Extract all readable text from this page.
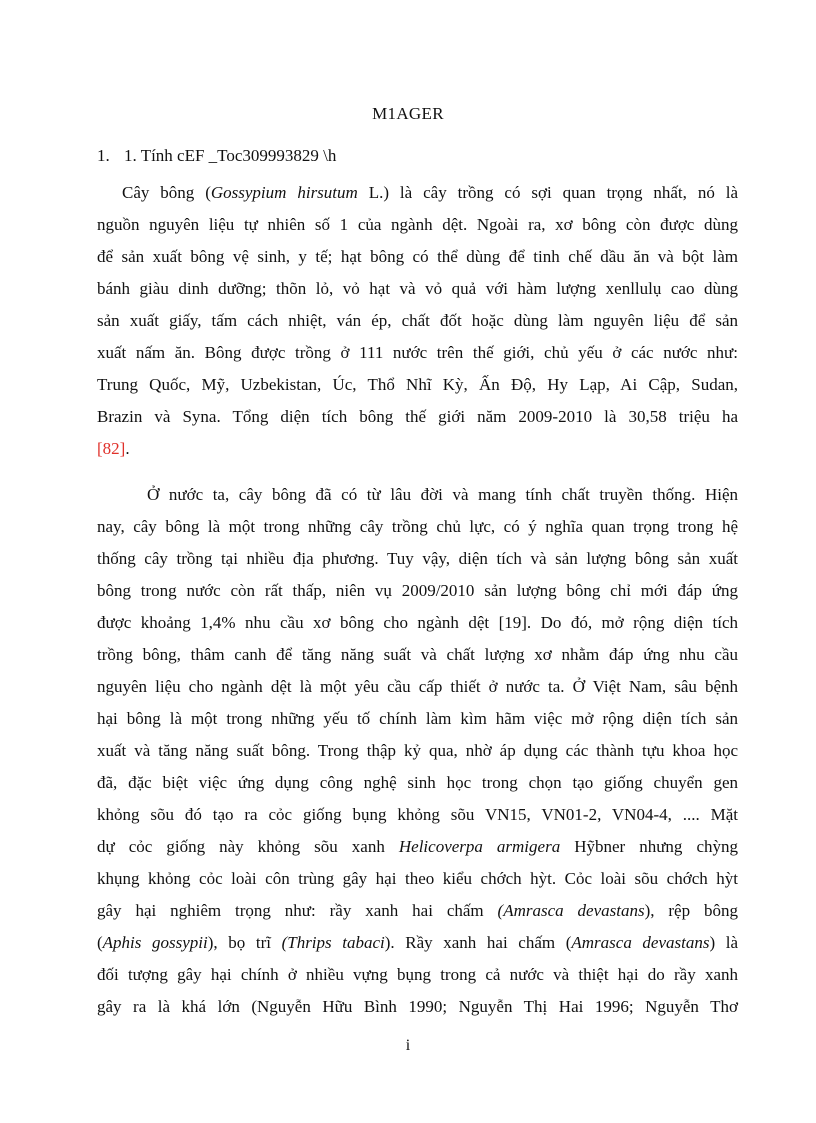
M1AGER
1. 1. Tính cEF _Toc309993829 \h
Cây bông (Gossypium hirsutum L.) là cây trồng có sợi quan trọng nhất, nó là
nguồn nguyên liệu tự nhiên số 1 của ngành dệt. Ngoài ra, xơ bông còn được dùng
để sản xuất bông vệ sinh, y tế; hạt bông có thể dùng để tinh chế dầu ăn và bột làm
bánh giàu dinh dưỡng; thõn lỏ, vỏ hạt và vỏ quả với hàm lượng xenllulụ cao dùng
sản xuất giấy, tấm cách nhiệt, ván ép, chất đốt hoặc dùng làm nguyên liệu để sản
xuất nấm ăn. Bông được trồng ở 111 nước trên thế giới, chủ yếu ở các nước như:
Trung Quốc, Mỹ, Uzbekistan, Úc, Thổ Nhĩ Kỳ, Ấn Độ, Hy Lạp, Ai Cập, Sudan,
Brazin và Syna. Tổng diện tích bông thế giới năm 2009-2010 là 30,58 triệu ha
[82].
Ở nước ta, cây bông đã có từ lâu đời và mang tính chất truyền thống. Hiện
nay, cây bông là một trong những cây trồng chủ lực, có ý nghĩa quan trọng trong hệ
thống cây trồng tại nhiều địa phương. Tuy vậy, diện tích và sản lượng bông sản xuất
bông trong nước còn rất thấp, niên vụ 2009/2010 sản lượng bông chỉ mới đáp ứng
được khoảng 1,4% nhu cầu xơ bông cho ngành dệt [19]. Do đó, mở rộng diện tích
trồng bông, thâm canh để tăng năng suất và chất lượng xơ nhằm đáp ứng nhu cầu
nguyên liệu cho ngành dệt là một yêu cầu cấp thiết ở nước ta. Ở Việt Nam, sâu bệnh
hại bông là một trong những yếu tố chính làm kìm hãm việc mở rộng diện tích sản
xuất và tăng năng suất bông. Trong thập kỷ qua, nhờ áp dụng các thành tựu khoa học
đã, đặc biệt việc ứng dụng công nghệ sinh học trong chọn tạo giống chuyển gen
khỏng sõu đó tạo ra cỏc giống bụng khỏng sõu VN15, VN01-2, VN04-4, .... Mặt
dự cỏc giống này khỏng sõu xanh Helicoverpa armigera Hỹbner nhưng chỳng
khụng khỏng cỏc loài côn trùng gây hại theo kiểu chớch hỳt. Cỏc loài sõu chớch hỳt
gây hại nghiêm trọng như: rầy xanh hai chấm (Amrasca devastans), rệp bông
(Aphis gossypii), bọ trĩ (Thrips tabaci). Rầy xanh hai chấm (Amrasca devastans) là
đối tượng gây hại chính ở nhiều vựng bụng trong cả nước và thiệt hại do rầy xanh
gây ra là khá lớn (Nguyễn Hữu Bình 1990; Nguyễn Thị Hai 1996; Nguyễn Thơ
i
